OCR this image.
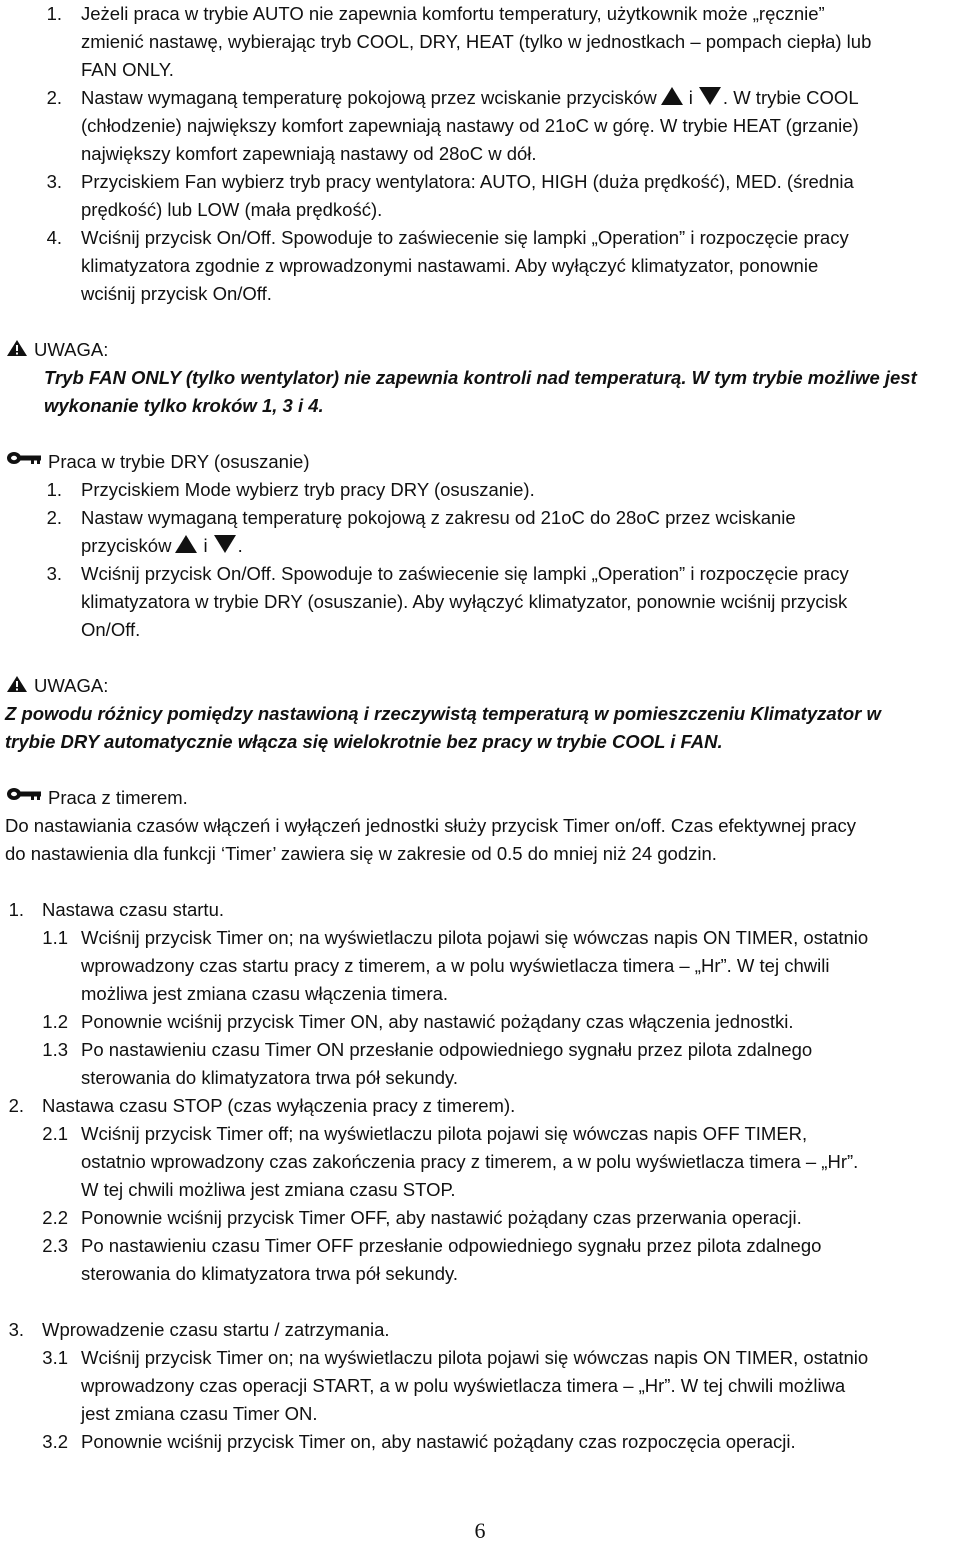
1. Jeżeli praca w trybie AUTO nie zapewnia komfortu temperatury, użytkownik może „ręcznie”
zmienić nastawę, wybierając tryb COOL, DRY, HEAT (tylko w jednostkach – pompach ciepła) lub
FAN ONLY.
2. Nastaw wymaganą temperaturę pokojową przez wciskanie przycisków i . W trybie COOL
(chłodzenie) największy komfort zapewniają nastawy od 21oC w górę. W trybie HEAT (grzanie)
największy komfort zapewniają nastawy od 28oC w dół.
3. Przyciskiem Fan wybierz tryb pracy wentylatora: AUTO, HIGH (duża prędkość), MED. (średnia
prędkość) lub LOW (mała prędkość).
4. Wciśnij przycisk On/Off. Spowoduje to zaświecenie się lampki „Operation” i rozpoczęcie pracy
klimatyzatora zgodnie z wprowadzonymi nastawami. Aby wyłączyć klimatyzator, ponownie
wciśnij przycisk On/Off.
UWAGA:
Tryb FAN ONLY (tylko wentylator) nie zapewnia kontroli nad temperaturą. W tym trybie możliwe jest
wykonanie tylko kroków 1, 3 i 4.
Praca w trybie DRY (osuszanie)
1. Przyciskiem Mode wybierz tryb pracy DRY (osuszanie).
2. Nastaw wymaganą temperaturę pokojową z zakresu od 21oC do 28oC przez wciskanie
przycisków i .
3. Wciśnij przycisk On/Off. Spowoduje to zaświecenie się lampki „Operation” i rozpoczęcie pracy
klimatyzatora w trybie DRY (osuszanie). Aby wyłączyć klimatyzator, ponownie wciśnij przycisk
On/Off.
UWAGA:
Z powodu różnicy pomiędzy nastawioną i rzeczywistą temperaturą w pomieszczeniu Klimatyzator w
trybie DRY automatycznie włącza się wielokrotnie bez pracy w trybie COOL i FAN.
Praca z timerem.
Do nastawiania czasów włączeń i wyłączeń jednostki służy przycisk Timer on/off. Czas efektywnej pracy
do nastawienia dla funkcji ‘Timer’ zawiera się w zakresie od 0.5 do mniej niż 24 godzin.
1. Nastawa czasu startu.
1.1 Wciśnij przycisk Timer on; na wyświetlaczu pilota pojawi się wówczas napis ON TIMER, ostatnio
wprowadzony czas startu pracy z timerem, a w polu wyświetlacza timera – „Hr”. W tej chwili
możliwa jest zmiana czasu włączenia timera.
1.2 Ponownie wciśnij przycisk Timer ON, aby nastawić pożądany czas włączenia jednostki.
1.3 Po nastawieniu czasu Timer ON przesłanie odpowiedniego sygnału przez pilota zdalnego
sterowania do klimatyzatora trwa pół sekundy.
2. Nastawa czasu STOP (czas wyłączenia pracy z timerem).
2.1 Wciśnij przycisk Timer off; na wyświetlaczu pilota pojawi się wówczas napis OFF TIMER,
ostatnio wprowadzony czas zakończenia pracy z timerem, a w polu wyświetlacza timera – „Hr”.
W tej chwili możliwa jest zmiana czasu STOP.
2.2 Ponownie wciśnij przycisk Timer OFF, aby nastawić pożądany czas przerwania operacji.
2.3 Po nastawieniu czasu Timer OFF przesłanie odpowiedniego sygnału przez pilota zdalnego
sterowania do klimatyzatora trwa pół sekundy.
3. Wprowadzenie czasu startu / zatrzymania.
3.1 Wciśnij przycisk Timer on; na wyświetlaczu pilota pojawi się wówczas napis ON TIMER, ostatnio
wprowadzony czas operacji START, a w polu wyświetlacza timera – „Hr”. W tej chwili możliwa
jest zmiana czasu Timer ON.
3.2 Ponownie wciśnij przycisk Timer on, aby nastawić pożądany czas rozpoczęcia operacji.
6
